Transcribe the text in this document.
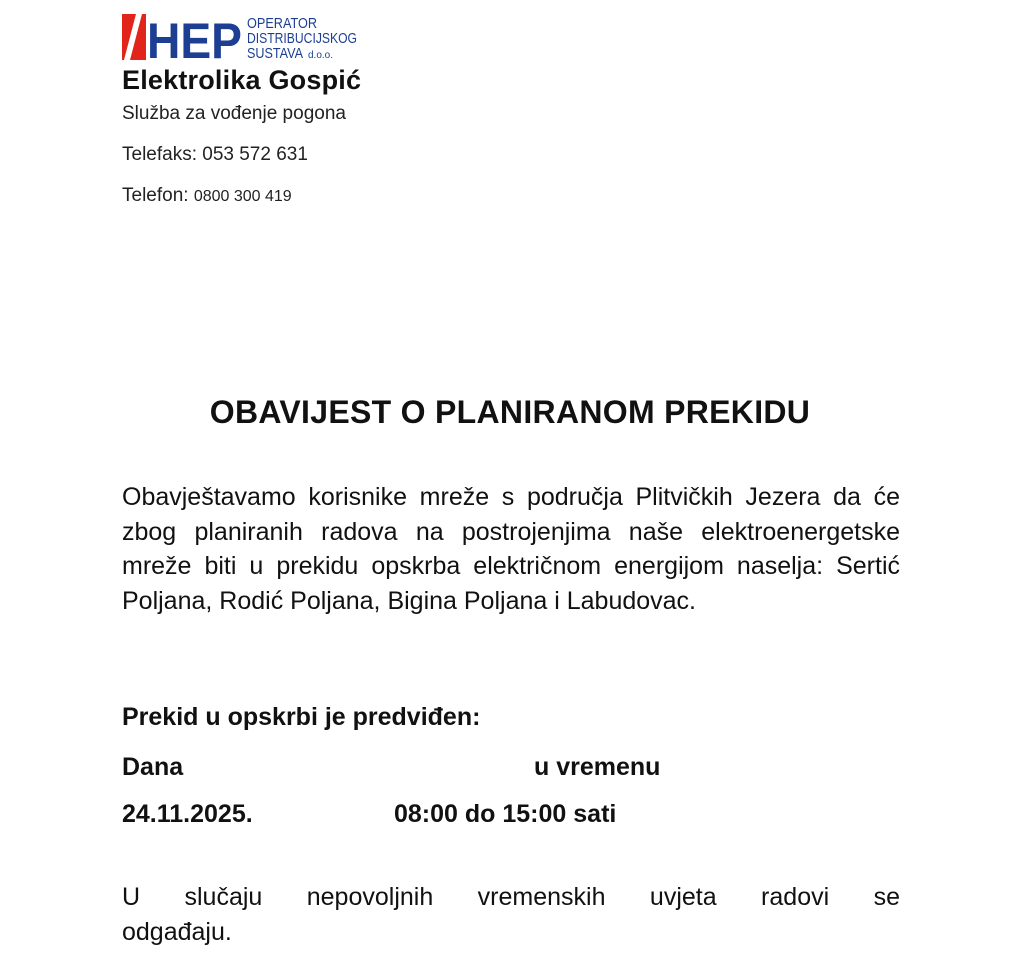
HEP OPERATOR
DISTRIBUCIJSKOG
SUSTAVA d.o.o.
Elektrolika Gospić
Služba za vođenje pogona
Telefaks: 053 572 631
Telefon: 0800 300 419
OBAVIJEST O PLANIRANOM PREKIDU

Obavještavamo korisnike mreže s područja Plitvičkih Jezera da će zbog planiranih radova na postrojenjima naše elektroenergetske mreže biti u prekidu opskrba električnom energijom naselja: Sertić Poljana, Rodić Poljana, Bigina Poljana i Labudovac.

Prekid u opskrbi je predviđen:
Dana	u vremenu
24.11.2025.	08:00 do 15:00 sati

U slučaju nepovoljnih vremenskih uvjeta radovi se
odgađaju.
